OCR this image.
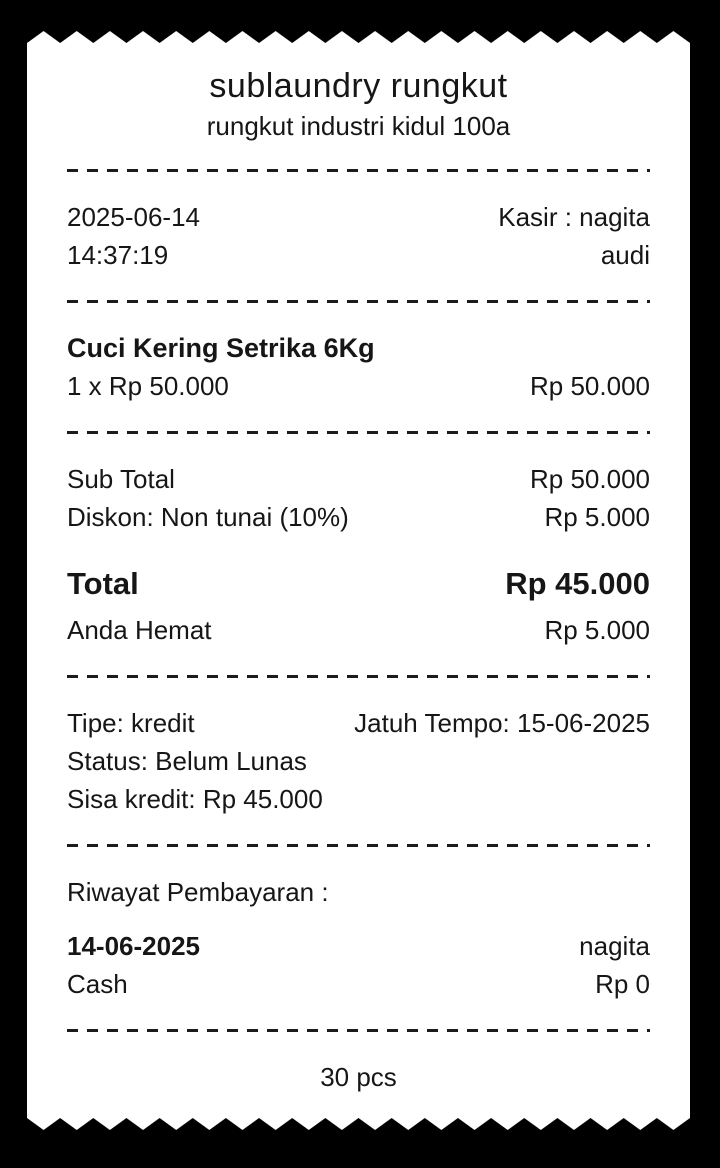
sublaundry rungkut
rungkut industri kidul 100a
2025-06-14	Kasir : nagita
14:37:19	audi
Cuci Kering Setrika 6Kg
1 x Rp 50.000	Rp 50.000
Sub Total	Rp 50.000
Diskon: Non tunai (10%)	Rp 5.000
Total	Rp 45.000
Anda Hemat	Rp 5.000
Tipe: kredit	Jatuh Tempo: 15-06-2025
Status: Belum Lunas
Sisa kredit: Rp 45.000
Riwayat Pembayaran :
14-06-2025	nagita
Cash	Rp 0
30 pcs
